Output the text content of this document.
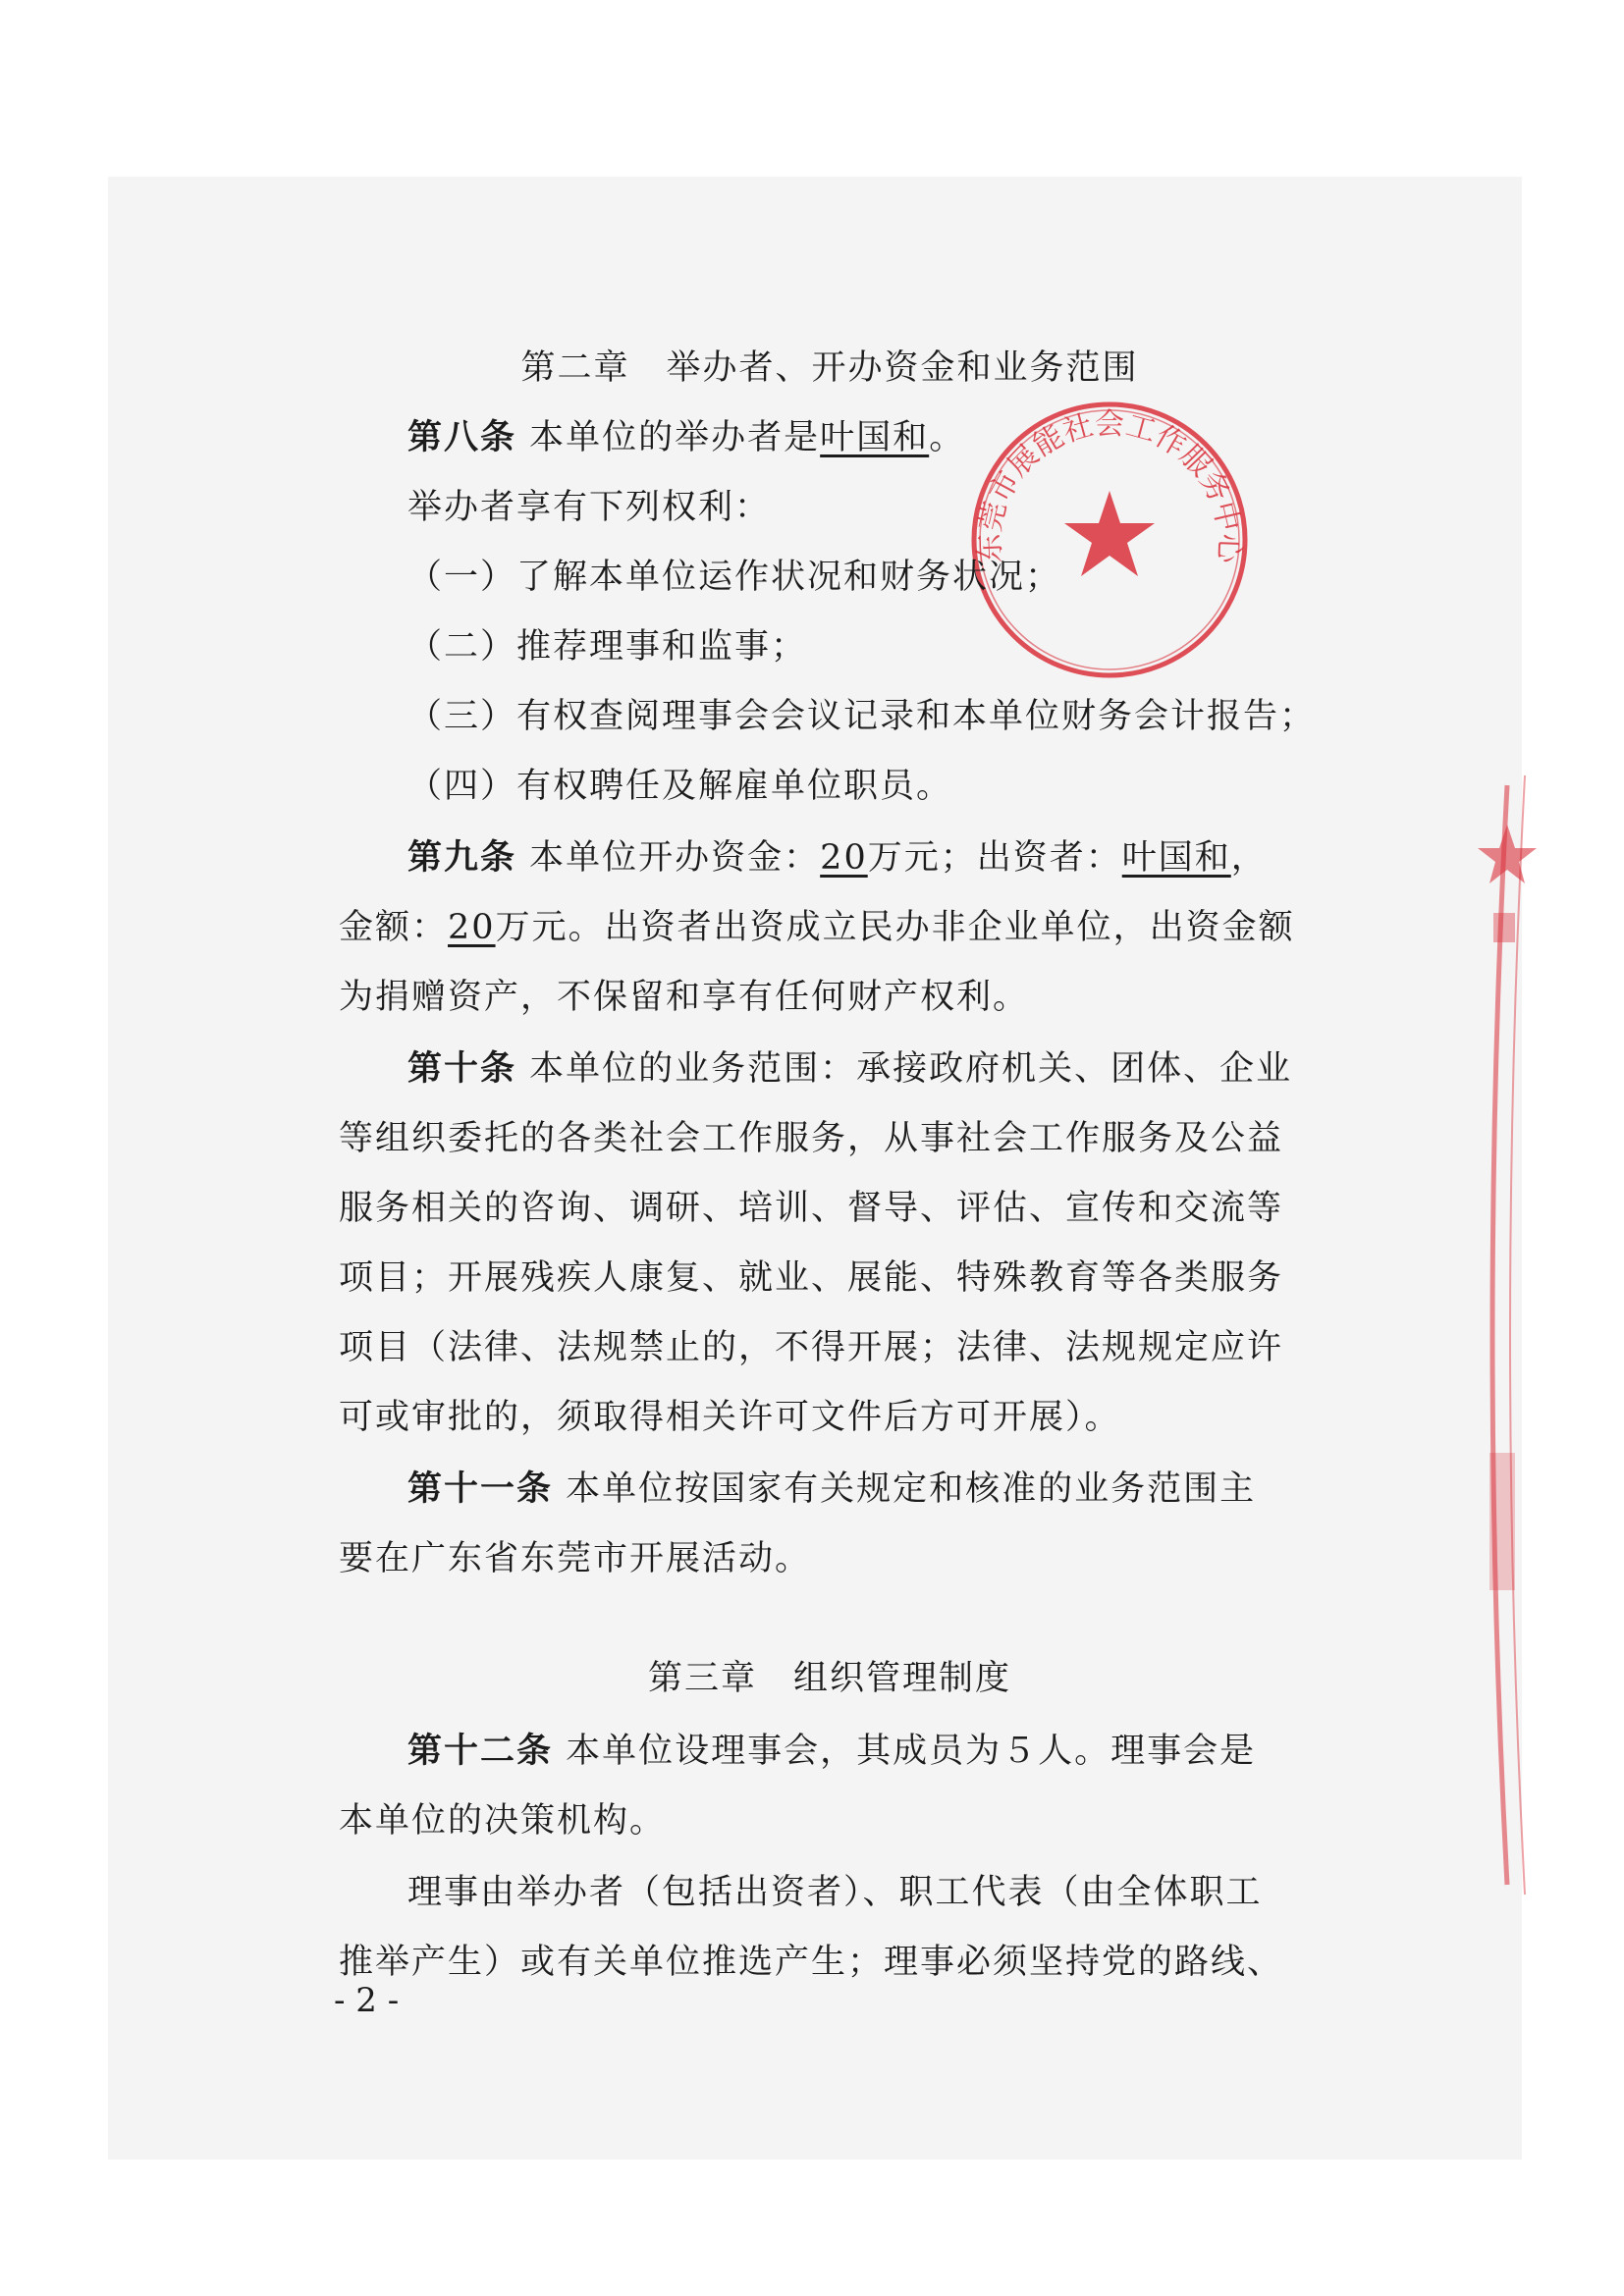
东莞市展能社会工作服务中心
第二章　举办者、开办资金和业务范围
第八条 本单位的举办者是叶国和。
举办者享有下列权利：
（一）了解本单位运作状况和财务状况；
（二）推荐理事和监事；
（三）有权查阅理事会会议记录和本单位财务会计报告；
（四）有权聘任及解雇单位职员。
第九条 本单位开办资金：20万元；出资者：叶国和，
金额：20万元。出资者出资成立民办非企业单位，出资金额
为捐赠资产，不保留和享有任何财产权利。
第十条 本单位的业务范围：承接政府机关、团体、企业
等组织委托的各类社会工作服务，从事社会工作服务及公益
服务相关的咨询、调研、培训、督导、评估、宣传和交流等
项目；开展残疾人康复、就业、展能、特殊教育等各类服务
项目（法律、法规禁止的，不得开展；法律、法规规定应许
可或审批的，须取得相关许可文件后方可开展）。
第十一条 本单位按国家有关规定和核准的业务范围主
要在广东省东莞市开展活动。
第三章　组织管理制度
第十二条 本单位设理事会，其成员为５人。理事会是
本单位的决策机构。
理事由举办者（包括出资者）、职工代表（由全体职工
推举产生）或有关单位推选产生；理事必须坚持党的路线、
- 2 -
